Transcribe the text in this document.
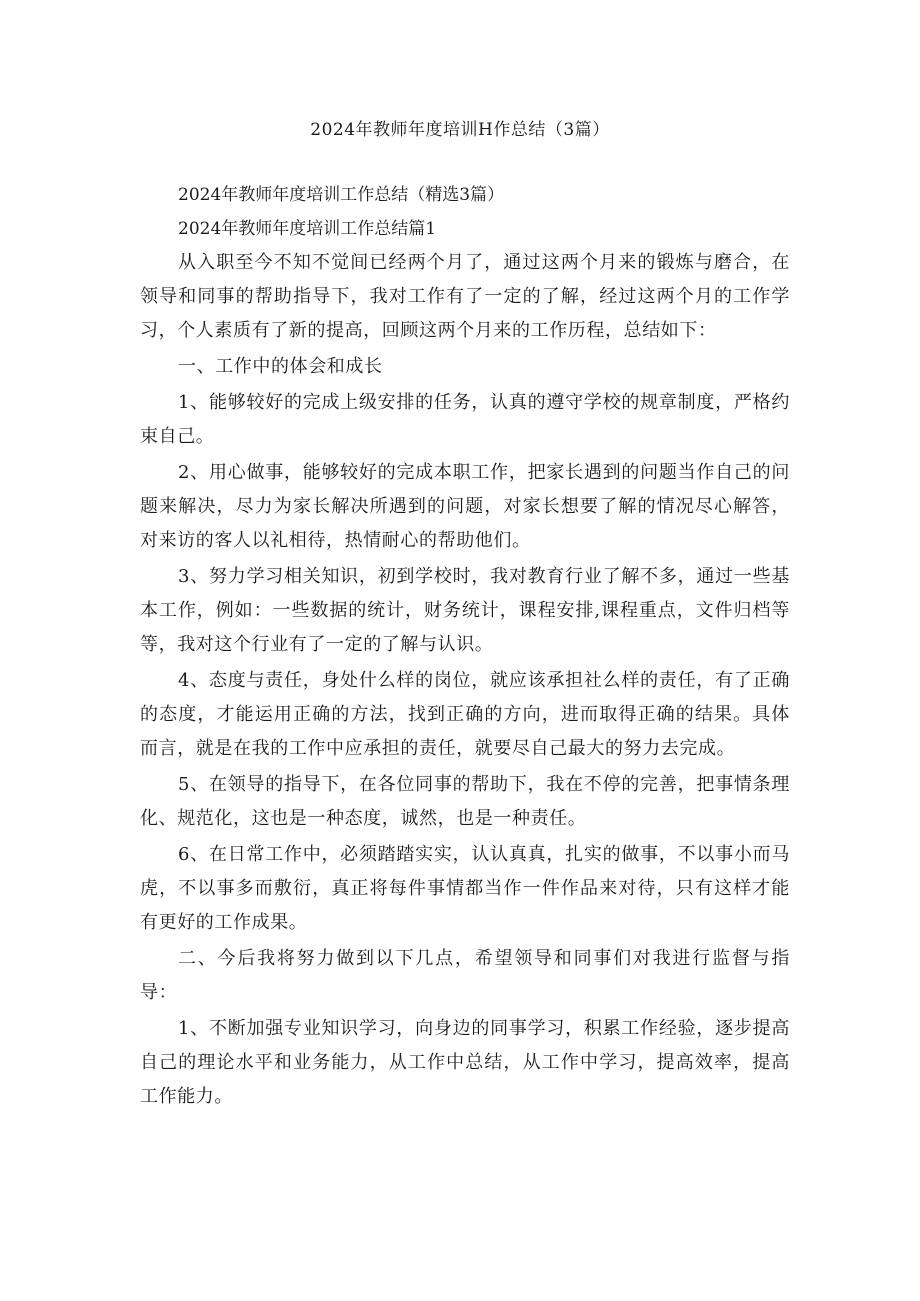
2024年教师年度培训H作总结（3篇）

2024年教师年度培训工作总结（精选3篇）

2024年教师年度培训工作总结篇1

从入职至今不知不觉间已经两个月了，通过这两个月来的锻炼与磨合，在领导和同事的帮助指导下，我对工作有了一定的了解，经过这两个月的工作学习，个人素质有了新的提高，回顾这两个月来的工作历程，总结如下：

一、工作中的体会和成长

1、能够较好的完成上级安排的任务，认真的遵守学校的规章制度，严格约束自己。

2、用心做事，能够较好的完成本职工作，把家长遇到的问题当作自己的问题来解决，尽力为家长解决所遇到的问题，对家长想要了解的情况尽心解答，对来访的客人以礼相待，热情耐心的帮助他们。

3、努力学习相关知识，初到学校时，我对教育行业了解不多，通过一些基本工作，例如：一些数据的统计，财务统计，课程安排,课程重点，文件归档等等，我对这个行业有了一定的了解与认识。

4、态度与责任，身处什么样的岗位，就应该承担社么样的责任，有了正确的态度，才能运用正确的方法，找到正确的方向，进而取得正确的结果。具体而言，就是在我的工作中应承担的责任，就要尽自己最大的努力去完成。

5、在领导的指导下，在各位同事的帮助下，我在不停的完善，把事情条理化、规范化，这也是一种态度，诚然，也是一种责任。

6、在日常工作中，必须踏踏实实，认认真真，扎实的做事，不以事小而马虎，不以事多而敷衍，真正将每件事情都当作一件作品来对待，只有这样才能有更好的工作成果。

二、今后我将努力做到以下几点，希望领导和同事们对我进行监督与指导：

1、不断加强专业知识学习，向身边的同事学习，积累工作经验，逐步提高自己的理论水平和业务能力，从工作中总结，从工作中学习，提高效率，提高工作能力。
